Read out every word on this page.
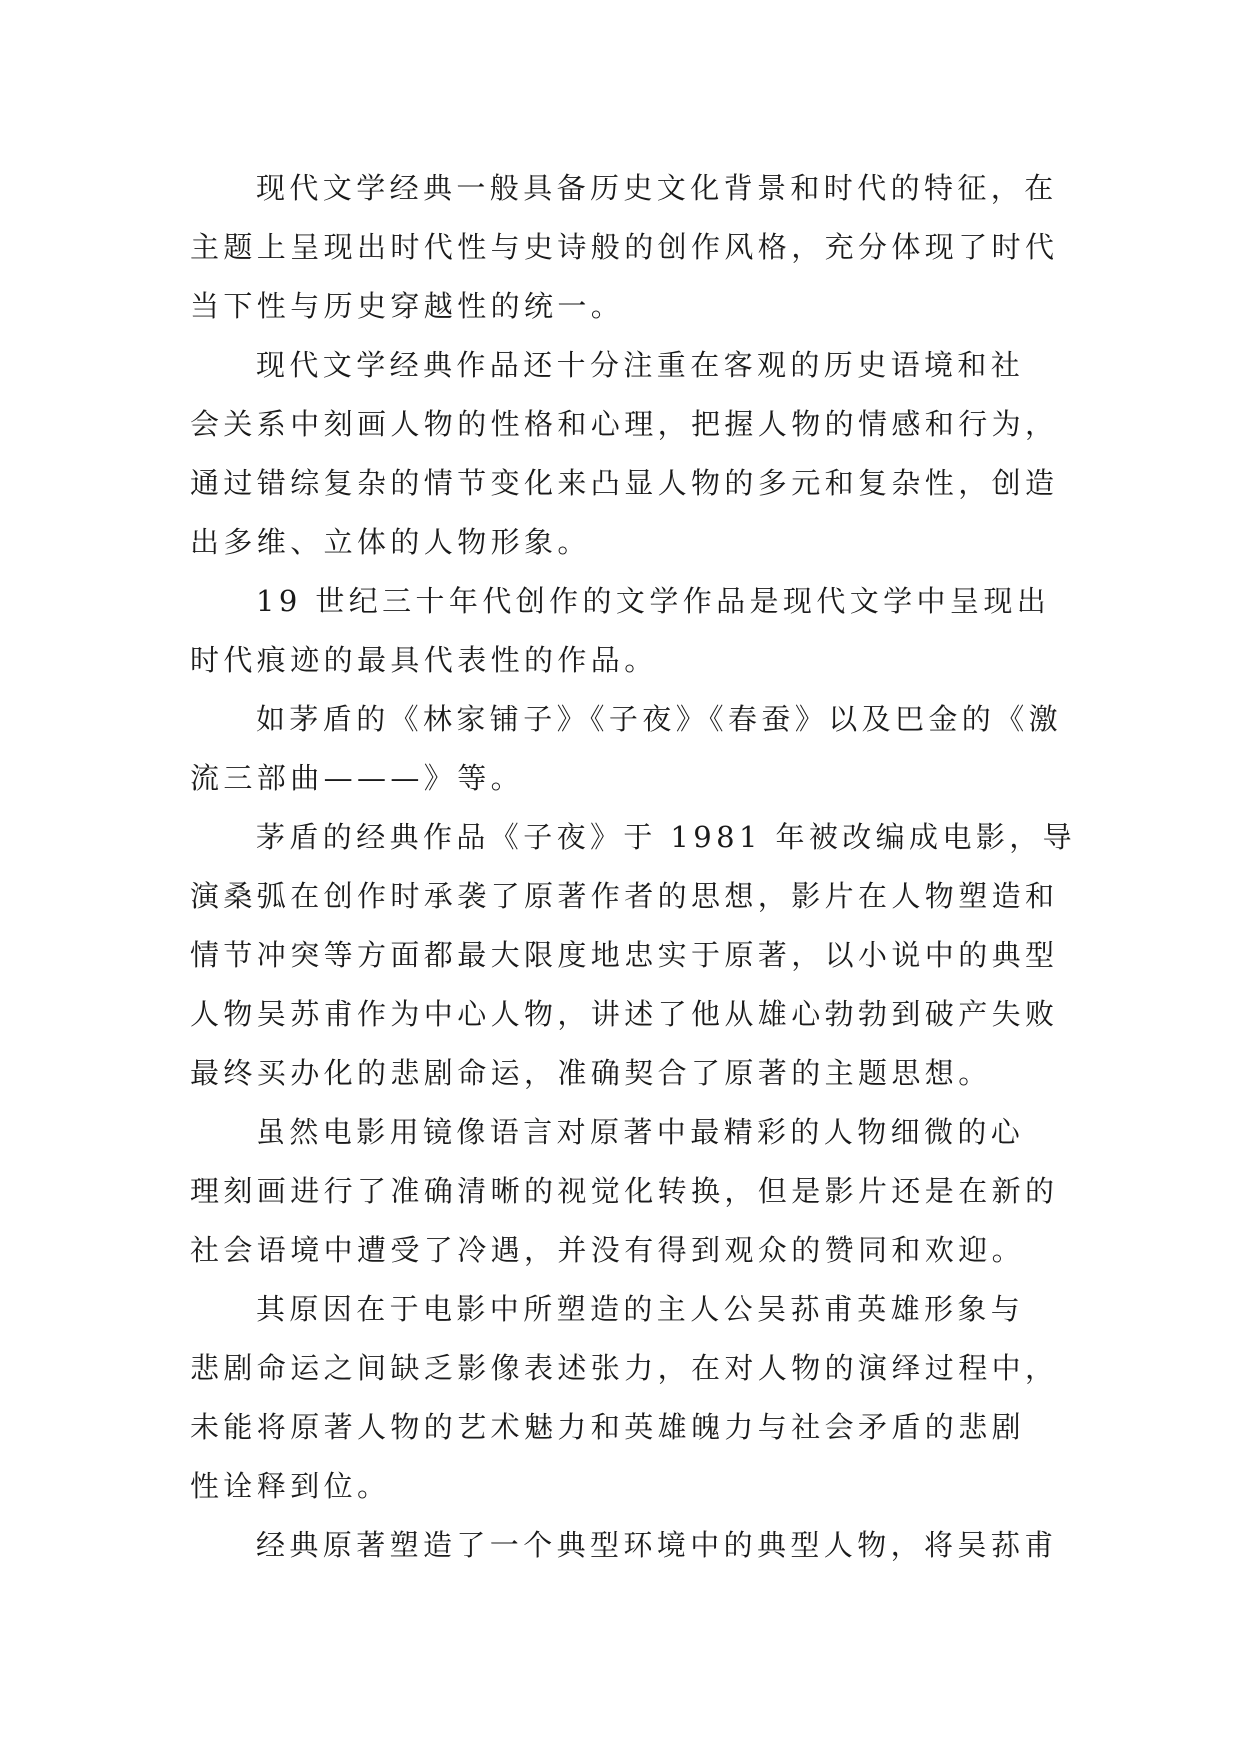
现代文学经典一般具备历史文化背景和时代的特征，在
主题上呈现出时代性与史诗般的创作风格，充分体现了时代
当下性与历史穿越性的统一。
现代文学经典作品还十分注重在客观的历史语境和社
会关系中刻画人物的性格和心理，把握人物的情感和行为，
通过错综复杂的情节变化来凸显人物的多元和复杂性，创造
出多维、立体的人物形象。
19 世纪三十年代创作的文学作品是现代文学中呈现出
时代痕迹的最具代表性的作品。
如茅盾的《林家铺子》《子夜》《春蚕》以及巴金的《激
流三部曲———》等。
茅盾的经典作品《子夜》于 1981 年被改编成电影，导
演桑弧在创作时承袭了原著作者的思想，影片在人物塑造和
情节冲突等方面都最大限度地忠实于原著，以小说中的典型
人物吴苏甫作为中心人物，讲述了他从雄心勃勃到破产失败
最终买办化的悲剧命运，准确契合了原著的主题思想。
虽然电影用镜像语言对原著中最精彩的人物细微的心
理刻画进行了准确清晰的视觉化转换，但是影片还是在新的
社会语境中遭受了冷遇，并没有得到观众的赞同和欢迎。
其原因在于电影中所塑造的主人公吴荪甫英雄形象与
悲剧命运之间缺乏影像表述张力，在对人物的演绎过程中，
未能将原著人物的艺术魅力和英雄魄力与社会矛盾的悲剧
性诠释到位。
经典原著塑造了一个典型环境中的典型人物，将吴荪甫
